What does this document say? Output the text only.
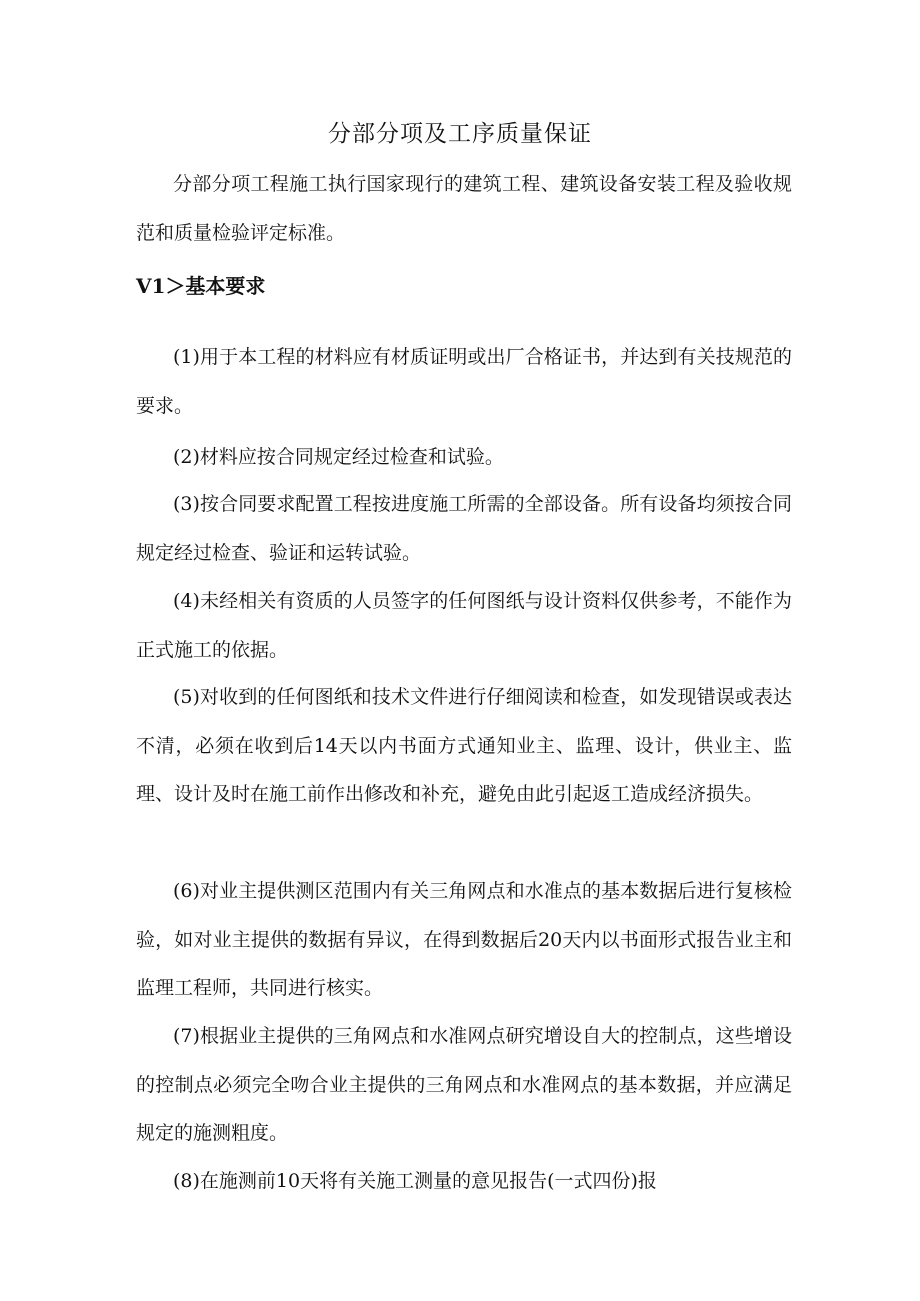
分部分项及工序质量保证

分部分项工程施工执行国家现行的建筑工程、建筑设备安装工程及验收规范和质量检验评定标准。

V1＞基本要求

(1)用于本工程的材料应有材质证明或出厂合格证书，并达到有关技规范的要求。

(2)材料应按合同规定经过检查和试验。

(3)按合同要求配置工程按进度施工所需的全部设备。所有设备均须按合同规定经过检查、验证和运转试验。

(4)未经相关有资质的人员签字的任何图纸与设计资料仅供参考，不能作为正式施工的依据。

(5)对收到的任何图纸和技术文件进行仔细阅读和检查，如发现错误或表达不清，必须在收到后14天以内书面方式通知业主、监理、设计，供业主、监理、设计及时在施工前作出修改和补充，避免由此引起返工造成经济损失。

(6)对业主提供测区范围内有关三角网点和水准点的基本数据后进行复核检验，如对业主提供的数据有异议，在得到数据后20天内以书面形式报告业主和监理工程师，共同进行核实。

(7)根据业主提供的三角网点和水准网点研究增设自大的控制点，这些增设的控制点必须完全吻合业主提供的三角网点和水准网点的基本数据，并应满足规定的施测粗度。

(8)在施测前10天将有关施工测量的意见报告(一式四份)报
